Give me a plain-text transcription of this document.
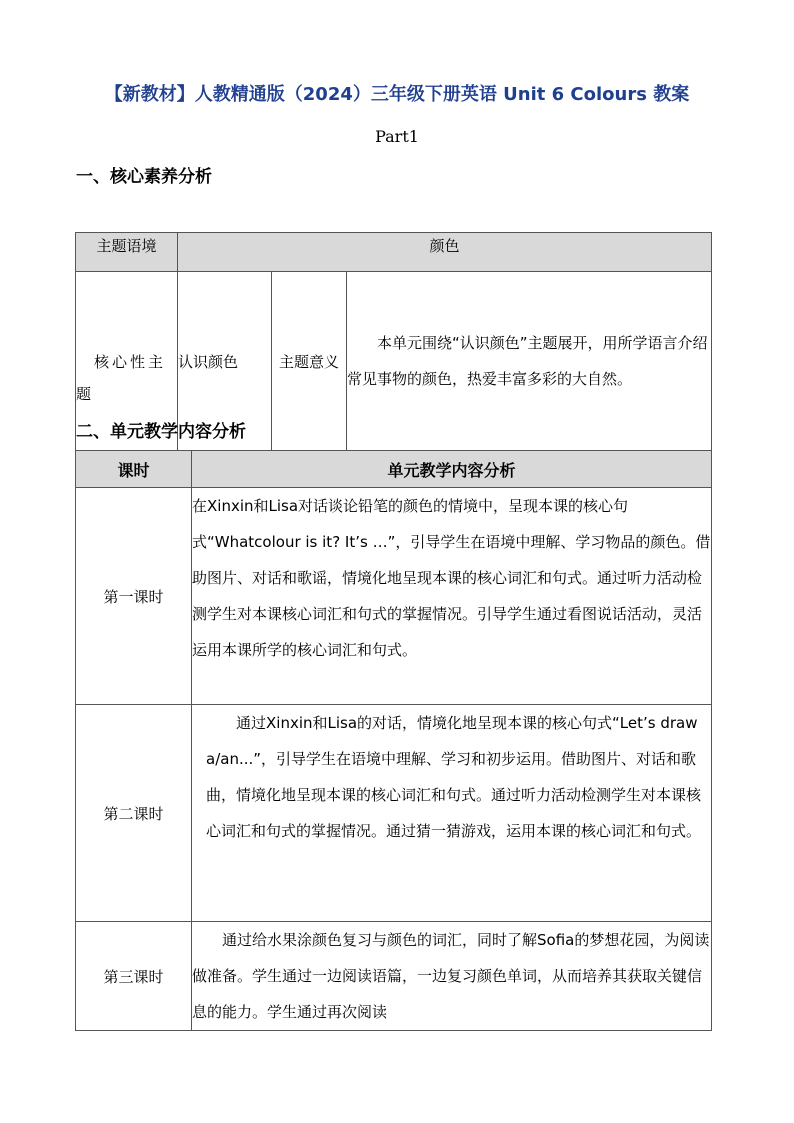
【新教材】人教精通版（2024）三年级下册英语 Unit 6 Colours 教案
Part1
一、核心素养分析
主题语境	颜色		
核心性主题	认识颜色	主题意义	本单元围绕“认识颜色”主题展开，用所学语言介绍常见事物的颜色，热爱丰富多彩的大自然。
二、单元教学内容分析
课时	单元教学内容分析
第一课时	在Xinxin和Lisa对话谈论铅笔的颜色的情境中，呈现本课的核心句式“Whatcolour is it? It’s …”，引导学生在语境中理解、学习物品的颜色。借助图片、对话和歌谣，情境化地呈现本课的核心词汇和句式。通过听力活动检测学生对本课核心词汇和句式的掌握情况。引导学生通过看图说话活动，灵活运用本课所学的核心词汇和句式。
第二课时	通过Xinxin和Lisa的对话，情境化地呈现本课的核心句式“Let’s draw a/an...”，引导学生在语境中理解、学习和初步运用。借助图片、对话和歌曲，情境化地呈现本课的核心词汇和句式。通过听力活动检测学生对本课核心词汇和句式的掌握情况。通过猜一猜游戏，运用本课的核心词汇和句式。

第三课时	通过给水果涂颜色复习与颜色的词汇，同时了解Sofia的梦想花园，为阅读做准备。学生通过一边阅读语篇，一边复习颜色单词，从而培养其获取关键信息的能力。学生通过再次阅读
